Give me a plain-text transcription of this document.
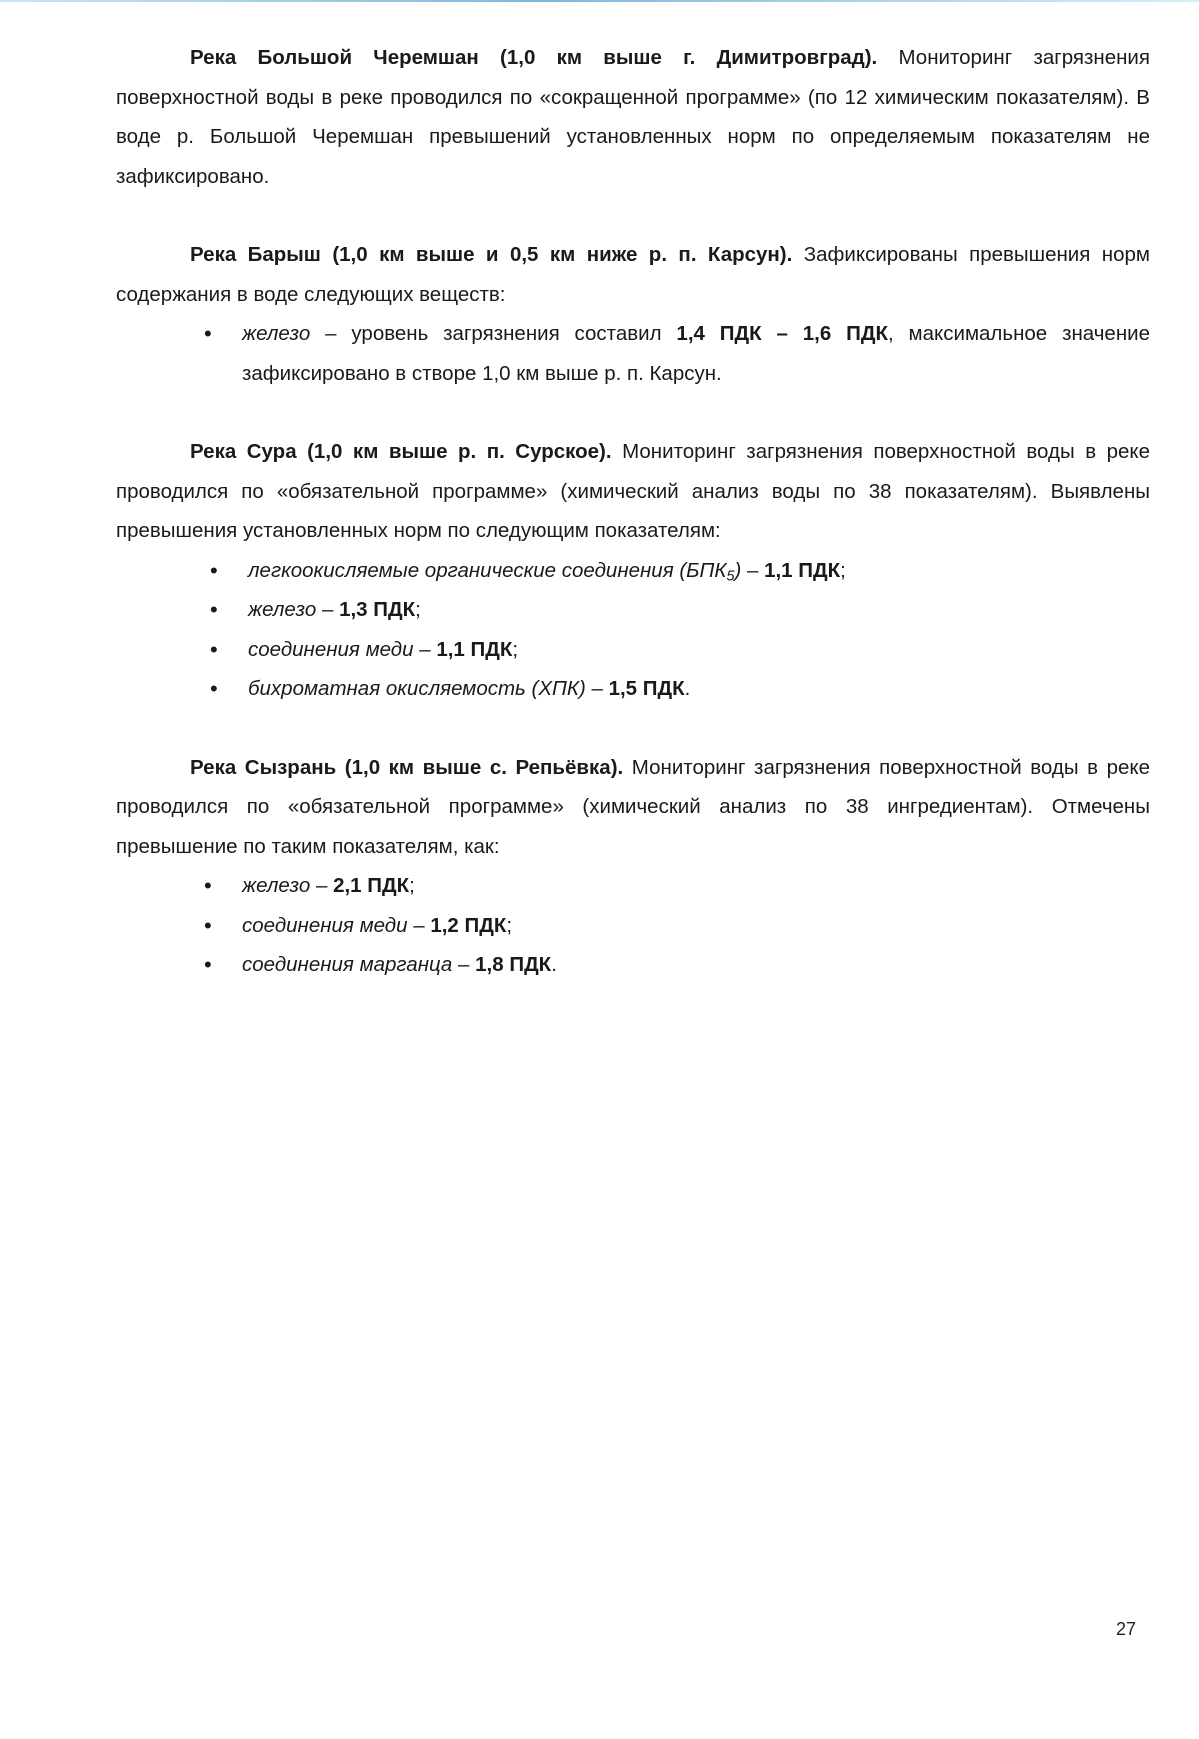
Река Большой Черемшан (1,0 км выше г. Димитровград). Мониторинг загрязнения поверхностной воды в реке проводился по «сокращенной программе» (по 12 химическим показателям). В воде р. Большой Черемшан превышений установленных норм по определяемым показателям не зафиксировано.

Река Барыш (1,0 км выше и 0,5 км ниже р. п. Карсун). Зафиксированы превышения норм содержания в воде следующих веществ:

• железо – уровень загрязнения составил 1,4 ПДК – 1,6 ПДК, максимальное значение зафиксировано в створе 1,0 км выше р. п. Карсун.

Река Сура (1,0 км выше р. п. Сурское). Мониторинг загрязнения поверхностной воды в реке проводился по «обязательной программе» (химический анализ воды по 38 показателям). Выявлены превышения установленных норм по следующим показателям:

• легкоокисляемые органические соединения $(БПК_5) - 1,1$ ПДК;
• железо – 1,3 ПДК;
• соединения меди – 1,1 ПДК;
• бихроматная окисляемость (ХПК) – 1,5 ПДК.

Река Сызрань (1,0 км выше с. Репьёвка). Мониторинг загрязнения поверхностной воды в реке проводился по «обязательной программе» (химический анализ по 38 ингредиентам). Отмечены превышение по таким показателям, как:

• железо – 2,1 ПДК;
• соединения меди – 1,2 ПДК;
• соединения марганца – 1,8 ПДК.
27
